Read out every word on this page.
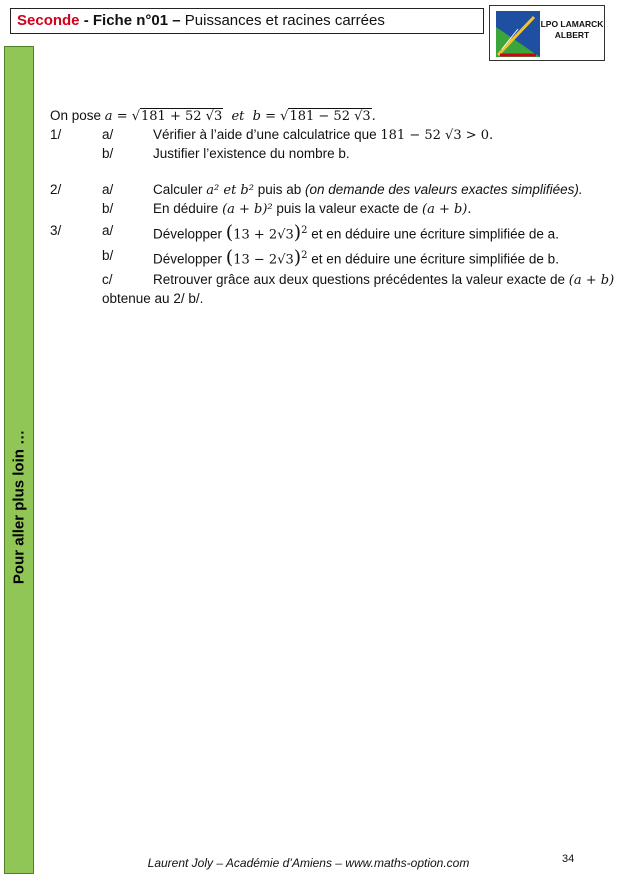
Seconde - Fiche n°01 – Puissances et racines carrées	LPO LAMARCK
ALBERT
Pour aller plus loin …
On pose a = √181 + 52 √3  et  b = √181 − 52 √3.
1/	a/	Vérifier à l’aide d’une calculatrice que 181 − 52 √3 > 0.
b/	Justifier l’existence du nombre b.
2/	a/	Calculer a² et b² puis ab (on demande des valeurs exactes simplifiées).
b/	En déduire (a + b)² puis la valeur exacte de (a + b).
3/	a/	Développer $(13 + 2√3)^2$ et en déduire une écriture simplifiée de a.
b/	Développer $(13 - 2√3)^2$ et en déduire une écriture simplifiée de b.
c/	Retrouver grâce aux deux questions précédentes la valeur exacte de (a + b)
obtenue au 2/ b/.
Laurent Joly – Académie d’Amiens – www.maths-option.com	34
